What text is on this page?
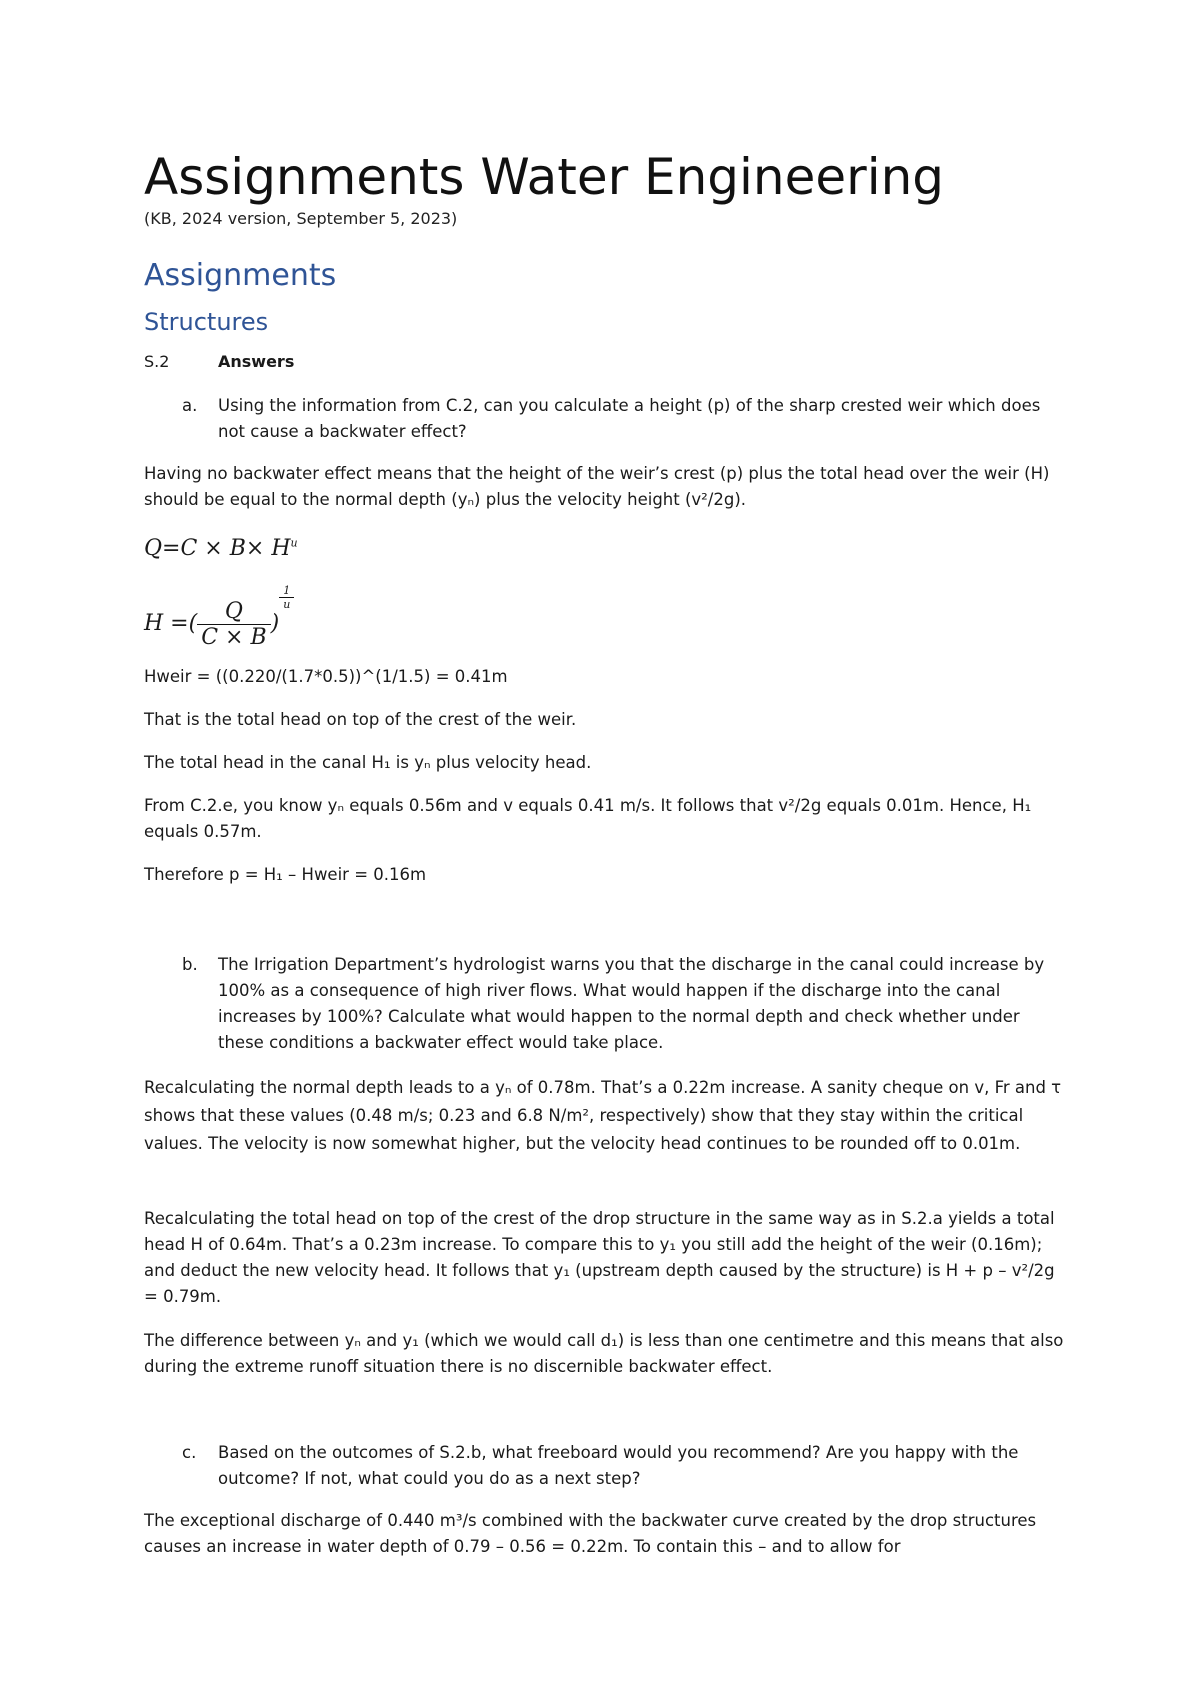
Assignments Water Engineering
(KB, 2024 version, September 5, 2023)
Assignments
Structures
S.2	Answers
a. Using the information from C.2, can you calculate a height (p) of the sharp crested weir which does not cause a backwater effect?
Having no backwater effect means that the height of the weir’s crest (p) plus the total head over the weir (H) should be equal to the normal depth (yₙ) plus the velocity height (v²/2g).
$Q=C \times B\times H^u$
H =( $\frac{Q}{C \times B}$ )
$\frac{1}{u}$
Hweir = ((0.220/(1.7*0.5))^(1/1.5) = 0.41m
That is the total head on top of the crest of the weir.
The total head in the canal H₁ is yₙ plus velocity head.
From C.2.e, you know yₙ equals 0.56m and v equals 0.41 m/s. It follows that v²/2g equals 0.01m. Hence, H₁ equals 0.57m.
Therefore p = H₁ – Hweir = 0.16m
b. The Irrigation Department’s hydrologist warns you that the discharge in the canal could increase by 100% as a consequence of high river flows. What would happen if the discharge into the canal increases by 100%? Calculate what would happen to the normal depth and check whether under these conditions a backwater effect would take place.
Recalculating the normal depth leads to a yₙ of 0.78m. That’s a 0.22m increase. A sanity cheque on v, Fr and τ shows that these values (0.48 m/s; 0.23 and 6.8 N/m², respectively) show that they stay within the critical values. The velocity is now somewhat higher, but the velocity head continues to be rounded off to 0.01m.
Recalculating the total head on top of the crest of the drop structure in the same way as in S.2.a yields a total head H of 0.64m. That’s a 0.23m increase. To compare this to y₁ you still add the height of the weir (0.16m); and deduct the new velocity head. It follows that y₁ (upstream depth caused by the structure) is H + p – v²/2g = 0.79m.
The difference between yₙ and y₁ (which we would call d₁) is less than one centimetre and this means that also during the extreme runoff situation there is no discernible backwater effect.
c. Based on the outcomes of S.2.b, what freeboard would you recommend? Are you happy with the outcome? If not, what could you do as a next step?
The exceptional discharge of 0.440 m³/s combined with the backwater curve created by the drop structures causes an increase in water depth of 0.79 – 0.56 = 0.22m. To contain this – and to allow for
